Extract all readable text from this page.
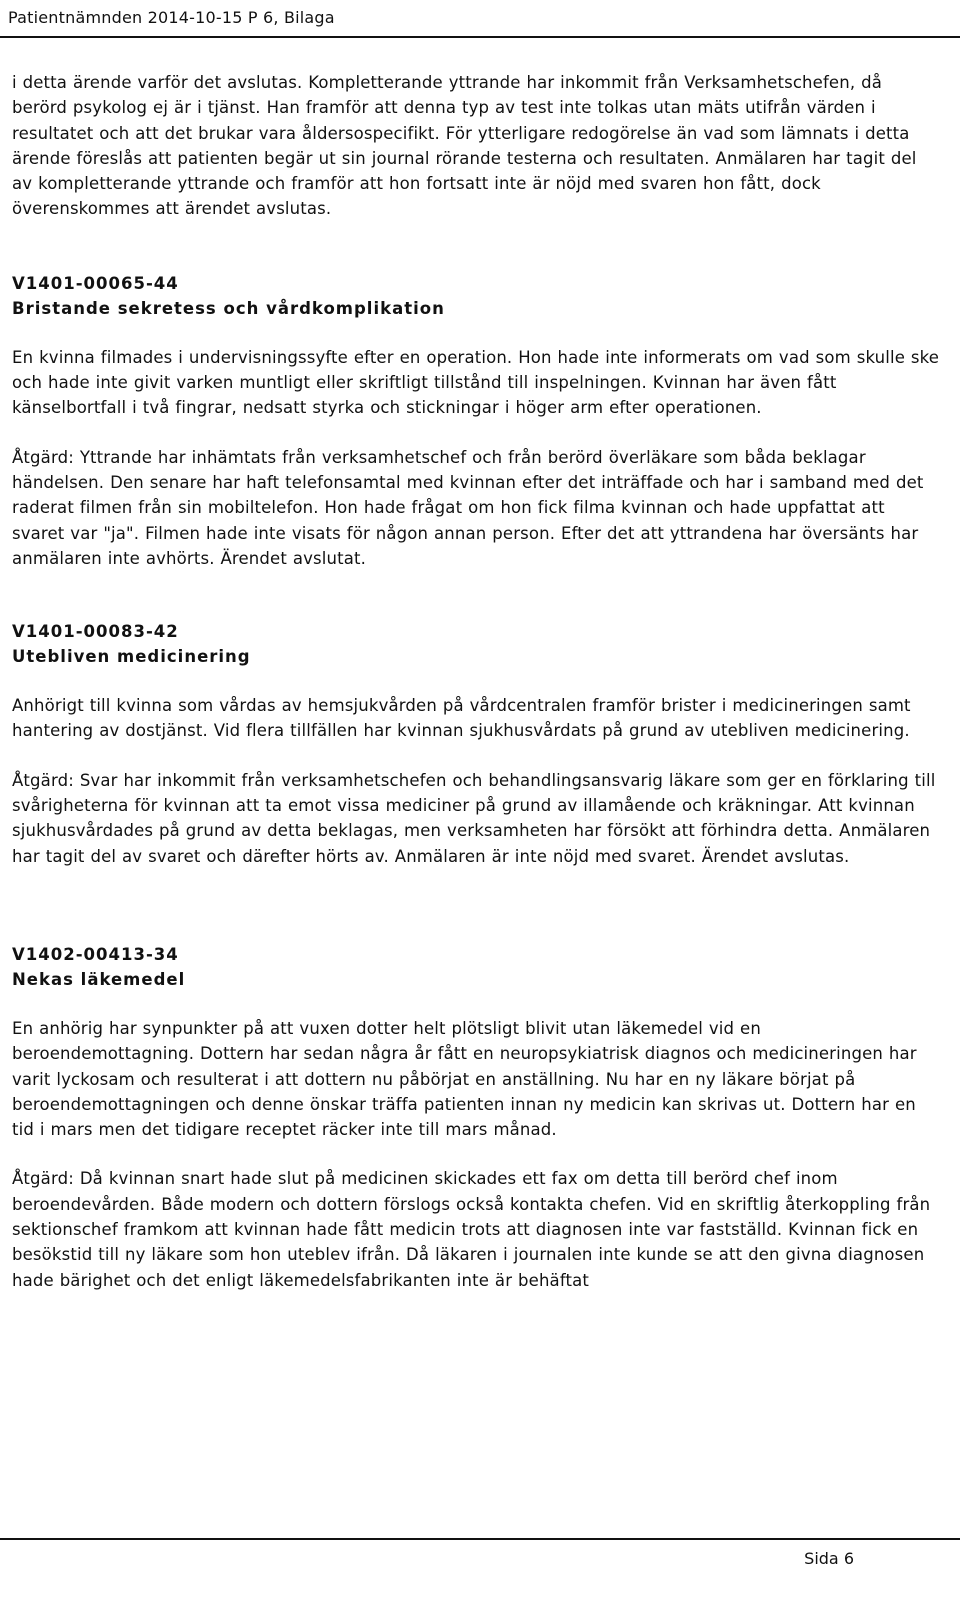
Patientnämnden 2014-10-15 P 6, Bilaga

i detta ärende varför det avslutas. Kompletterande yttrande har inkommit från Verksamhetschefen, då berörd psykolog ej är i tjänst. Han framför att denna typ av test inte tolkas utan mäts utifrån värden i resultatet och att det brukar vara åldersospecifikt. För ytterligare redogörelse än vad som lämnats i detta ärende föreslås att patienten begär ut sin journal rörande testerna och resultaten. Anmälaren har tagit del av kompletterande yttrande och framför att hon fortsatt inte är nöjd med svaren hon fått, dock överenskommes att ärendet avslutas.

V1401-00065-44
Bristande sekretess och vårdkomplikation

En kvinna filmades i undervisningssyfte efter en operation. Hon hade inte informerats om vad som skulle ske och hade inte givit varken muntligt eller skriftligt tillstånd till inspelningen. Kvinnan har även fått känselbortfall i två fingrar, nedsatt styrka och stickningar i höger arm efter operationen.

Åtgärd: Yttrande har inhämtats från verksamhetschef och från berörd överläkare som båda beklagar händelsen. Den senare har haft telefonsamtal med kvinnan efter det inträffade och har i samband med det raderat filmen från sin mobiltelefon. Hon hade frågat om hon fick filma kvinnan och hade uppfattat att svaret var "ja". Filmen hade inte visats för någon annan person. Efter det att yttrandena har översänts har anmälaren inte avhörts. Ärendet avslutat.

V1401-00083-42
Utebliven medicinering

Anhörigt till kvinna som vårdas av hemsjukvården på vårdcentralen framför brister i medicineringen samt hantering av dostjänst. Vid flera tillfällen har kvinnan sjukhusvårdats på grund av utebliven medicinering.

Åtgärd: Svar har inkommit från verksamhetschefen och behandlingsansvarig läkare som ger en förklaring till svårigheterna för kvinnan att ta emot vissa mediciner på grund av illamående och kräkningar. Att kvinnan sjukhusvårdades på grund av detta beklagas, men verksamheten har försökt att förhindra detta. Anmälaren har tagit del av svaret och därefter hörts av. Anmälaren är inte nöjd med svaret. Ärendet avslutas.

V1402-00413-34
Nekas läkemedel

En anhörig har synpunkter på att vuxen dotter helt plötsligt blivit utan läkemedel vid en beroendemottagning. Dottern har sedan några år fått en neuropsykiatrisk diagnos och medicineringen har varit lyckosam och resulterat i att dottern nu påbörjat en anställning. Nu har en ny läkare börjat på beroendemottagningen och denne önskar träffa patienten innan ny medicin kan skrivas ut. Dottern har en tid i mars men det tidigare receptet räcker inte till mars månad.

Åtgärd: Då kvinnan snart hade slut på medicinen skickades ett fax om detta till berörd chef inom beroendevården. Både modern och dottern förslogs också kontakta chefen. Vid en skriftlig återkoppling från sektionschef framkom att kvinnan hade fått medicin trots att diagnosen inte var fastställd. Kvinnan fick en besökstid till ny läkare som hon uteblev ifrån. Då läkaren i journalen inte kunde se att den givna diagnosen hade bärighet och det enligt läkemedelsfabrikanten inte är behäftat

Sida 6
